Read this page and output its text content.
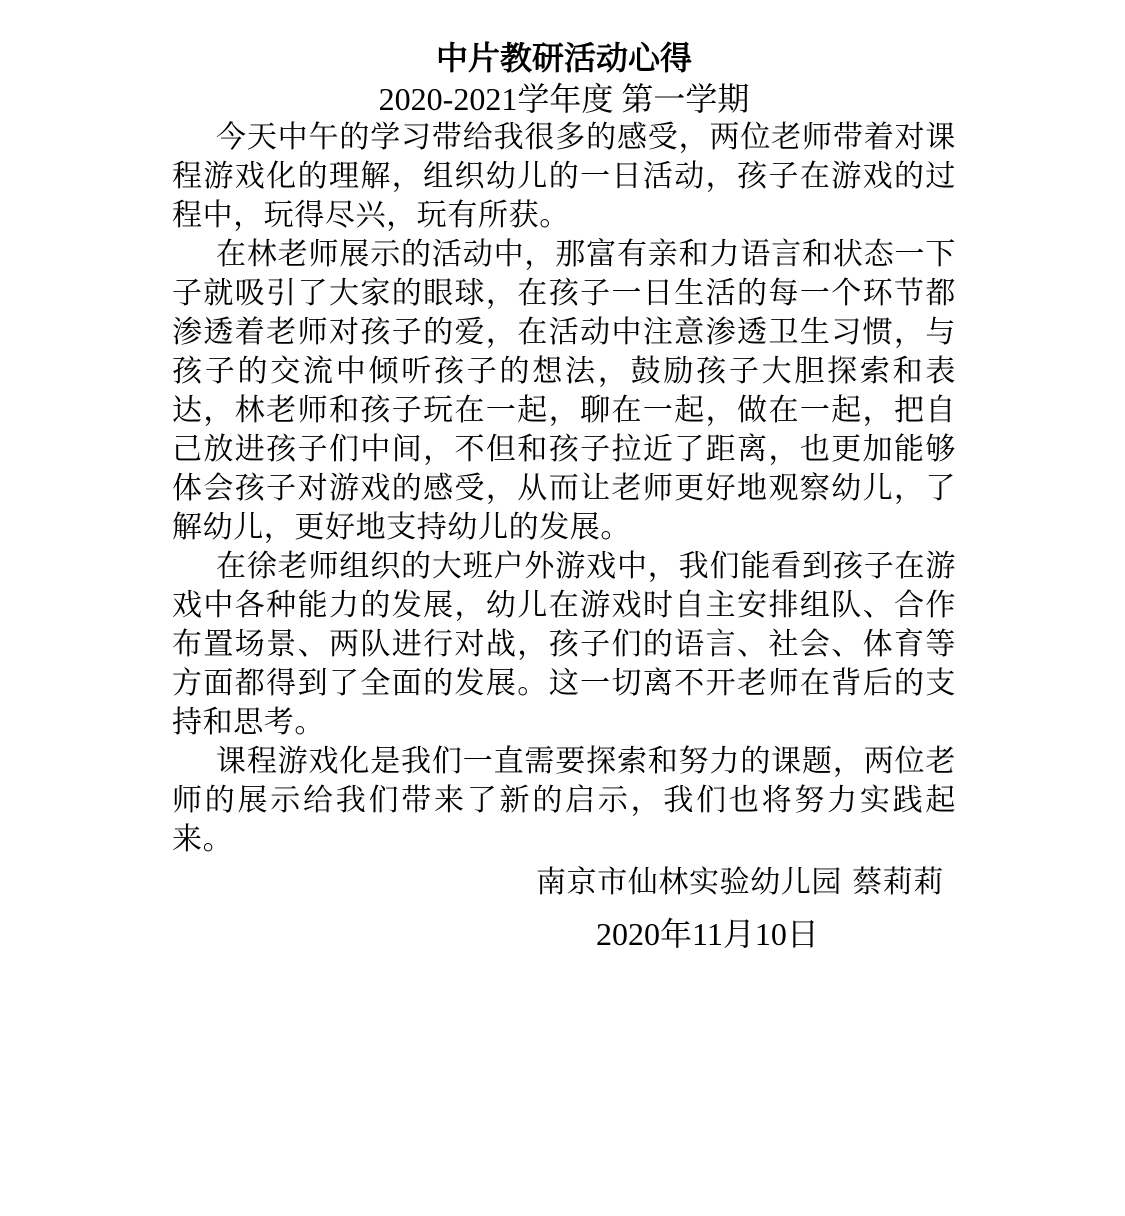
中片教研活动心得
2020-2021学年度 第一学期

今天中午的学习带给我很多的感受，两位老师带着对课程游戏化的理解，组织幼儿的一日活动，孩子在游戏的过程中，玩得尽兴，玩有所获。

在林老师展示的活动中，那富有亲和力语言和状态一下子就吸引了大家的眼球，在孩子一日生活的每一个环节都渗透着老师对孩子的爱，在活动中注意渗透卫生习惯，与孩子的交流中倾听孩子的想法，鼓励孩子大胆探索和表达，林老师和孩子玩在一起，聊在一起，做在一起，把自己放进孩子们中间，不但和孩子拉近了距离，也更加能够体会孩子对游戏的感受，从而让老师更好地观察幼儿，了解幼儿，更好地支持幼儿的发展。

在徐老师组织的大班户外游戏中，我们能看到孩子在游戏中各种能力的发展，幼儿在游戏时自主安排组队、合作布置场景、两队进行对战，孩子们的语言、社会、体育等方面都得到了全面的发展。这一切离不开老师在背后的支持和思考。

课程游戏化是我们一直需要探索和努力的课题，两位老师的展示给我们带来了新的启示，我们也将努力实践起来。

南京市仙林实验幼儿园 蔡莉莉

2020年11月10日
